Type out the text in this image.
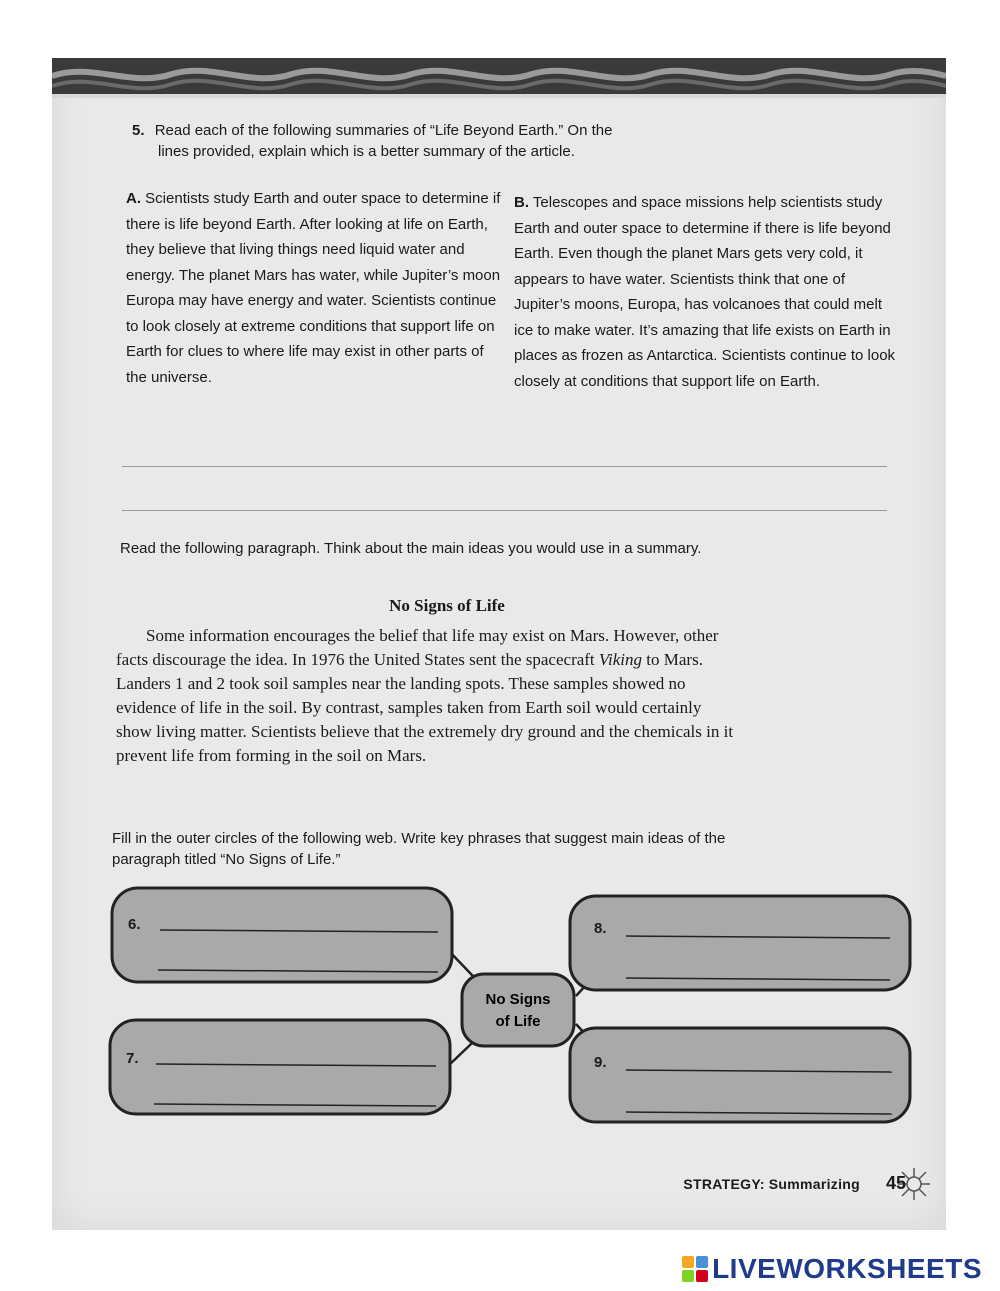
5. Read each of the following summaries of “Life Beyond Earth.” On the
lines provided, explain which is a better summary of the article.
A. Scientists study Earth and outer space to determine if there is life beyond Earth. After looking at life on Earth, they believe that living things need liquid water and energy. The planet Mars has water, while Jupiter’s moon Europa may have energy and water. Scientists continue to look closely at extreme conditions that support life on Earth for clues to where life may exist in other parts of the universe.
B. Telescopes and space missions help scientists study Earth and outer space to determine if there is life beyond Earth. Even though the planet Mars gets very cold, it appears to have water. Scientists think that one of Jupiter’s moons, Europa, has volcanoes that could melt ice to make water. It’s amazing that life exists on Earth in places as frozen as Antarctica. Scientists continue to look closely at conditions that support life on Earth.
Read the following paragraph. Think about the main ideas you would use in a summary.
No Signs of Life
Some information encourages the belief that life may exist on Mars. However, other facts discourage the idea. In 1976 the United States sent the spacecraft Viking to Mars. Landers 1 and 2 took soil samples near the landing spots. These samples showed no evidence of life in the soil. By contrast, samples taken from Earth soil would certainly show living matter. Scientists believe that the extremely dry ground and the chemicals in it prevent life from forming in the soil on Mars.
Fill in the outer circles of the following web. Write key phrases that suggest main ideas of the paragraph titled “No Signs of Life.”
No Signs
of Life
6.	8.
7.	9.
STRATEGY: Summarizing 45
LIVEWORKSHEETS
